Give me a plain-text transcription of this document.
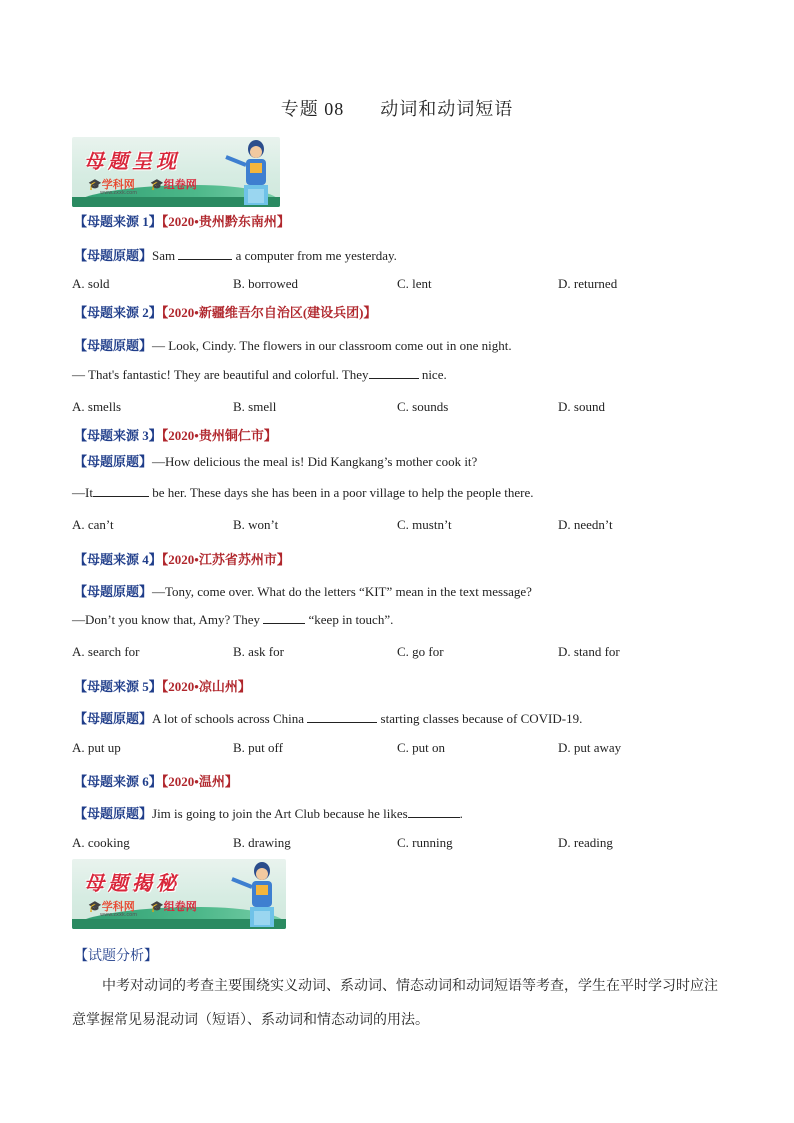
专题 08 动词和动词短语
母题呈现
🎓学科网 🎓组卷网
www.zxxk.com
【母题来源 1】【2020•贵州黔东南州】
【母题原题】Sam	a computer from me yesterday.
A. sold	B. borrowed	C. lent	D. returned
【母题来源 2】【2020•新疆维吾尔自治区(建设兵团)】
【母题原题】— Look, Cindy. The flowers in our classroom come out in one night.
— That's fantastic! They are beautiful and colorful. They	nice.
A. smells	B. smell	C. sounds	D. sound
【母题来源 3】【2020•贵州铜仁市】
【母题原题】—How delicious the meal is! Did Kangkang’s mother cook it?
—It	be her. These days she has been in a poor village to help the people there.
A. can’t	B. won’t	C. mustn’t	D. needn’t
【母题来源 4】【2020•江苏省苏州市】
【母题原题】—Tony, come over. What do the letters “KIT” mean in the text message?
—Don’t you know that, Amy? They	“keep in touch”.
A. search for	B. ask for	C. go for	D. stand for
【母题来源 5】【2020•凉山州】
【母题原题】A lot of schools across China	starting classes because of COVID-19.
A. put up	B. put off	C. put on	D. put away
【母题来源 6】【2020•温州】
【母题原题】Jim is going to join the Art Club because he likes	.
A. cooking	B. drawing	C. running	D. reading
母题揭秘
🎓学科网 🎓组卷网
www.zxxk.com
【试题分析】
中考对动词的考查主要围绕实义动词、系动词、情态动词和动词短语等考查，学生在平时学习时应注
意掌握常见易混动词（短语）、系动词和情态动词的用法。
